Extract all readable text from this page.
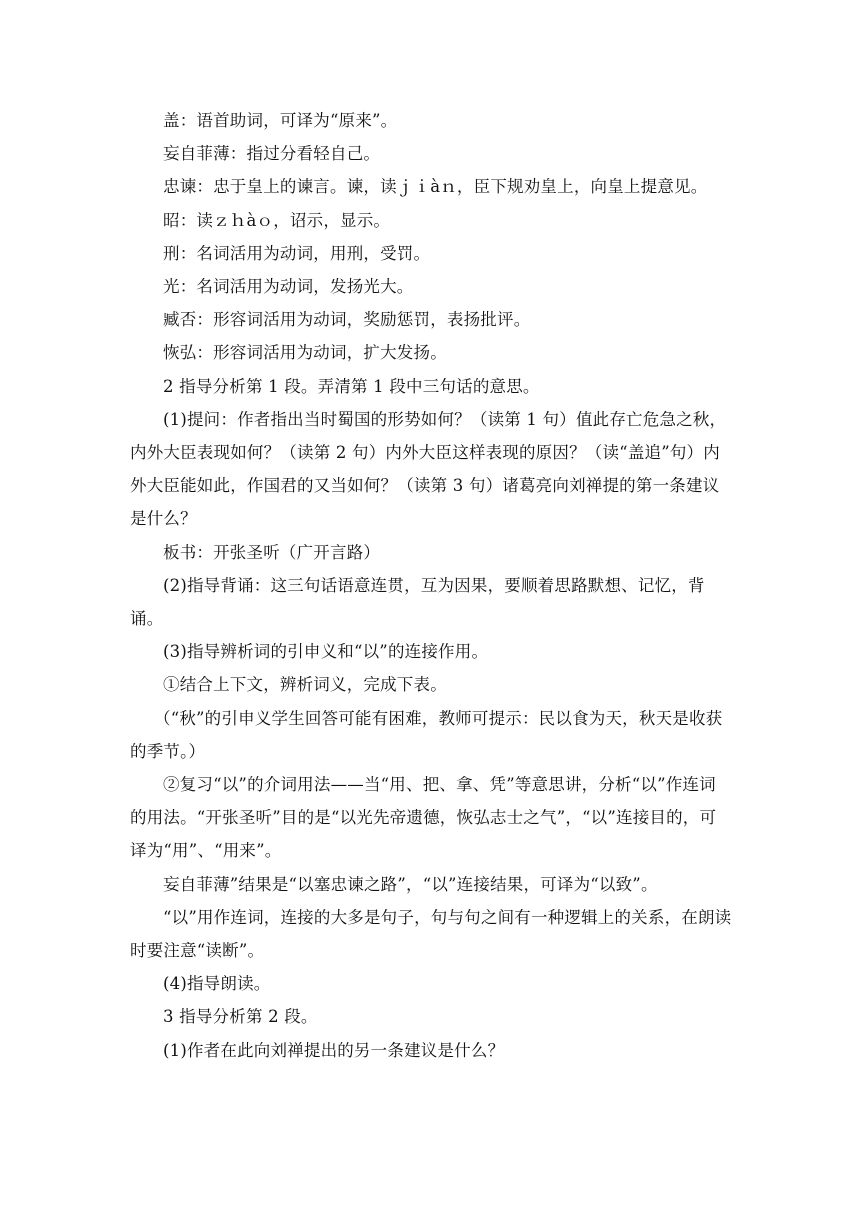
盖：语首助词，可译为“原来”。

妄自菲薄：指过分看轻自己。

忠谏：忠于皇上的谏言。谏，读ｊｉàｎ，臣下规劝皇上，向皇上提意见。

昭：读ｚｈàｏ，诏示，显示。

刑：名词活用为动词，用刑，受罚。

光：名词活用为动词，发扬光大。

臧否：形容词活用为动词，奖励惩罚，表扬批评。

恢弘：形容词活用为动词，扩大发扬。

2 指导分析第 1 段。弄清第 1 段中三句话的意思。

(1)提问：作者指出当时蜀国的形势如何？（读第 1 句）值此存亡危急之秋，内外大臣表现如何？（读第 2 句）内外大臣这样表现的原因？（读“盖追”句）内外大臣能如此，作国君的又当如何？（读第 3 句）诸葛亮向刘禅提的第一条建议是什么？

板书：开张圣听（广开言路）

(2)指导背诵：这三句话语意连贯，互为因果，要顺着思路默想、记忆，背诵。

(3)指导辨析词的引申义和“以”的连接作用。

①结合上下文，辨析词义，完成下表。

（“秋”的引申义学生回答可能有困难，教师可提示：民以食为天，秋天是收获的季节。）

②复习“以”的介词用法——当“用、把、拿、凭”等意思讲，分析“以”作连词的用法。“开张圣听”目的是“以光先帝遗德，恢弘志士之气”，“以”连接目的，可译为“用”、“用来”。

妄自菲薄”结果是“以塞忠谏之路”，“以”连接结果，可译为“以致”。

“以”用作连词，连接的大多是句子，句与句之间有一种逻辑上的关系，在朗读时要注意“读断”。

(4)指导朗读。

3 指导分析第 2 段。

(1)作者在此向刘禅提出的另一条建议是什么？
